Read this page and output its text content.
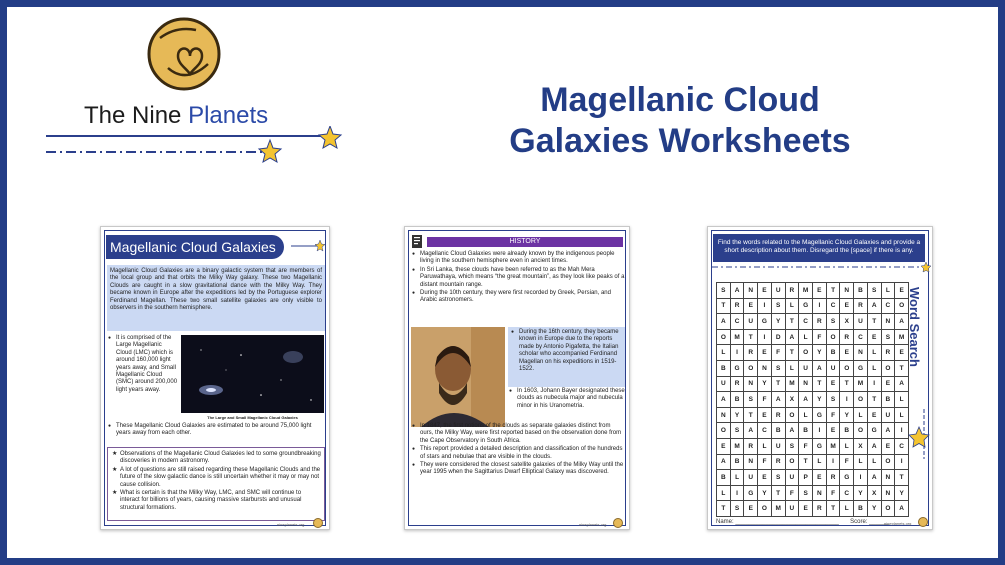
The Nine Planets	Magellanic Cloud
Galaxies Worksheets
Magellanic Cloud Galaxies
Magellanic Cloud Galaxies are a binary galactic system that are members of the local group and that orbits the Milky Way galaxy. These two Magellanic Clouds are caught in a slow gravitational dance with the Milky Way. They became known in Europe after the expeditions led by the Portuguese explorer Ferdinand Magellan. These two small satellite galaxies are only visible to observers in the southern hemisphere.
● It is comprised of the Large Magellanic Cloud (LMC) which is around 160,000 light years away, and Small Magellanic Cloud (SMC) around 200,000 light years away.
The Large and Small Magellanic Cloud Galaxies
● These Magellanic Cloud Galaxies are estimated to be around 75,000 light years away from each other.
★ Observations of the Magellanic Cloud Galaxies led to some groundbreaking discoveries in modern astronomy.
★ A lot of questions are still raised regarding these Magellanic Clouds and the future of the slow galactic dance is still uncertain whether it may or may not cause collision.
★ What is certain is that the Milky Way, LMC, and SMC will continue to interact for billions of years, causing massive starbursts and unusual structural formations.
nineplanets.org
HISTORY
● Magellanic Cloud Galaxies were already known by the indigenous people living in the southern hemisphere even in ancient times.
● In Sri Lanka, these clouds have been referred to as the Mah Mera Paruwathaya, which means “the great mountain”, as they look like peaks of a distant mountain range.
● During the 10th century, they were first recorded by Greek, Persian, and Arabic astronomers.
● During the 16th century, they became known in Europe due to the reports made by Antonio Pigafetta, the Italian scholar who accompanied Ferdinand Magellan on his expeditions in 1519-1522.
● In 1603, Johann Bayer designated these clouds as nubecula major and nubecula minor in his Uranometria.
● In 1847, the first notions of the clouds as separate galaxies distinct from ours, the Milky Way, were first reported based on the observation done from the Cape Observatory in South Africa.
● This report provided a detailed description and classification of the hundreds of stars and nebulae that are visible in the clouds.
● They were considered the closest satellite galaxies of the Milky Way until the year 1995 when the Sagittarius Dwarf Elliptical Galaxy was discovered.
nineplanets.org
Find the words related to the Magellanic Cloud Galaxies and provide a short description about them. Disregard the [space] if there is any.
S	A	N	E	U	R	M	E	T	N	B	S	L	E
T	R	E	I	S	L	G	I	C	E	R	A	C	O
A	C	U	G	Y	T	C	R	S	X	U	T	N	A
O	M	T	I	D	A	L	F	O	R	C	E	S	M
L	I	R	E	F	T	O	Y	B	E	N	L	R	E
B	G	O	N	S	L	U	A	U	O	G	L	O	T
U	R	N	Y	T	M	N	T	E	T	M	I	E	A
A	B	S	F	A	X	A	Y	S	I	O	T	B	L
N	Y	T	E	R	O	L	G	F	Y	L	E	U	L
O	S	A	C	B	A	B	I	E	B	O	G	A	I
E	M	R	L	U	S	F	G	M	L	X	A	E	C
A	B	N	F	R	O	T	L	I	F	L	L	O	I
B	L	U	E	S	U	P	E	R	G	I	A	N	T
L	I	G	Y	T	F	S	N	F	C	Y	X	N	Y
T	S	E	O	M	U	E	R	T	L	B	Y	O	A
Word Search
Name: _______________________________ Score: ______
nineplanets.org
